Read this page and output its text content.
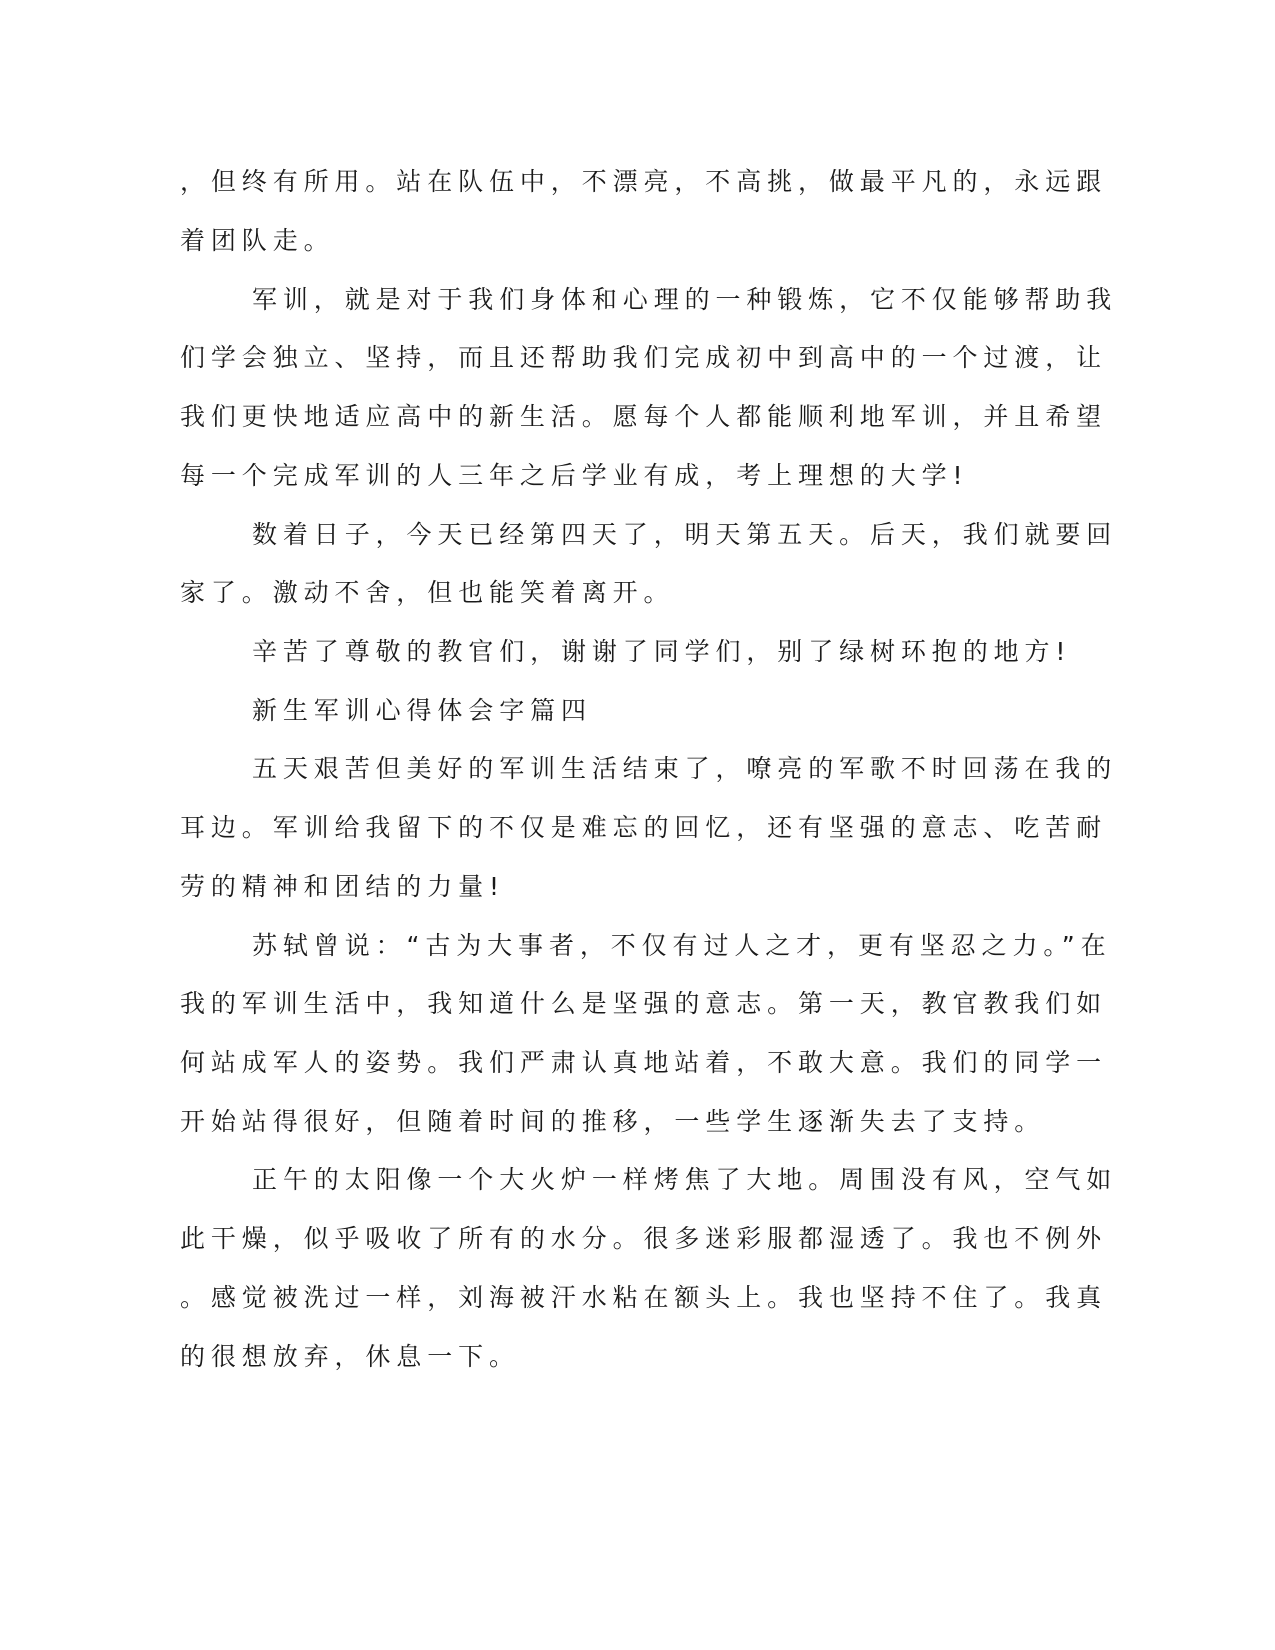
，但终有所用。站在队伍中，不漂亮，不高挑，做最平凡的，永远跟
着团队走。
军训，就是对于我们身体和心理的一种锻炼，它不仅能够帮助我
们学会独立、坚持，而且还帮助我们完成初中到高中的一个过渡，让
我们更快地适应高中的新生活。愿每个人都能顺利地军训，并且希望
每一个完成军训的人三年之后学业有成，考上理想的大学!
数着日子，今天已经第四天了，明天第五天。后天，我们就要回
家了。激动不舍，但也能笑着离开。
辛苦了尊敬的教官们，谢谢了同学们，别了绿树环抱的地方!
新生军训心得体会字篇四
五天艰苦但美好的军训生活结束了，嘹亮的军歌不时回荡在我的
耳边。军训给我留下的不仅是难忘的回忆，还有坚强的意志、吃苦耐
劳的精神和团结的力量!
苏轼曾说：“古为大事者，不仅有过人之才，更有坚忍之力。”在
我的军训生活中，我知道什么是坚强的意志。第一天，教官教我们如
何站成军人的姿势。我们严肃认真地站着，不敢大意。我们的同学一
开始站得很好，但随着时间的推移，一些学生逐渐失去了支持。
正午的太阳像一个大火炉一样烤焦了大地。周围没有风，空气如
此干燥，似乎吸收了所有的水分。很多迷彩服都湿透了。我也不例外
。感觉被洗过一样，刘海被汗水粘在额头上。我也坚持不住了。我真
的很想放弃，休息一下。
